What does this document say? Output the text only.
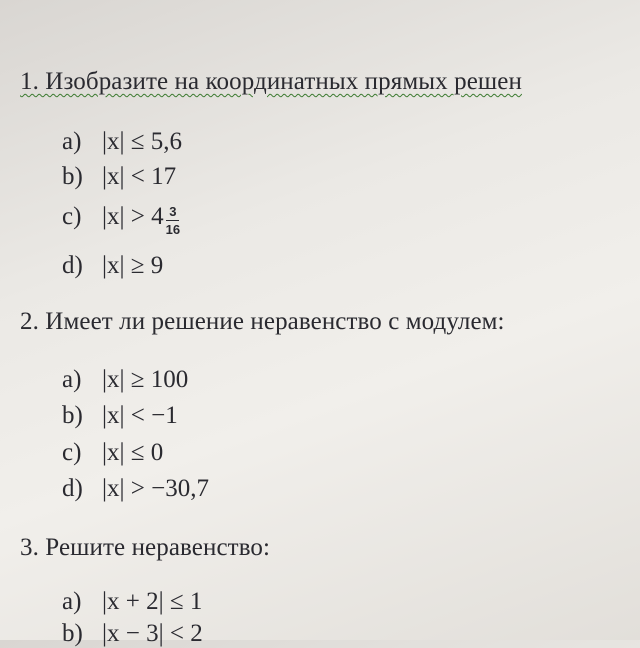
1. Изобразите на координатных прямых решен
a) |x| ≤ 5,6
b) |x| < 17
c) $|x| > 4 \frac{3}{16}$
d) |x| ≥ 9
2. Имеет ли решение неравенство с модулем:
a) |x| ≥ 100
b) |x| < −1
c) |x| ≤ 0
d) |x| > −30,7
3. Решите неравенство:
a) |x + 2| ≤ 1
b) |x − 3| < 2
